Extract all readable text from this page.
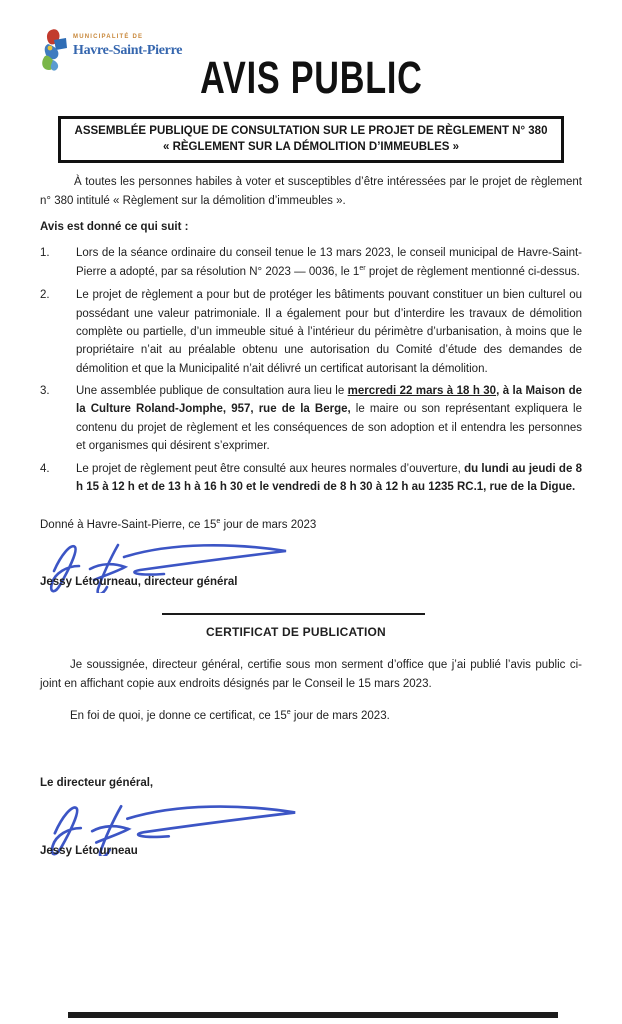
MUNICIPALITÉ DE
Havre-Saint-Pierre
AVIS PUBLIC
ASSEMBLÉE PUBLIQUE DE CONSULTATION SUR LE PROJET DE RÈGLEMENT N° 380
« RÈGLEMENT SUR LA DÉMOLITION D’IMMEUBLES »

À toutes les personnes habiles à voter et susceptibles d’être intéressées par le projet de règlement n° 380 intitulé « Règlement sur la démolition d’immeubles ».

Avis est donné ce qui suit :

1.	Lors de la séance ordinaire du conseil tenue le 13 mars 2023, le conseil municipal de Havre-Saint-Pierre a adopté, par sa résolution N° 2023 — 0036, le 1er projet de règlement mentionné ci-dessus.
2.	Le projet de règlement a pour but de protéger les bâtiments pouvant constituer un bien culturel ou possédant une valeur patrimoniale. Il a également pour but d’interdire les travaux de démolition complète ou partielle, d’un immeuble situé à l’intérieur du périmètre d’urbanisation, à moins que le propriétaire n’ait au préalable obtenu une autorisation du Comité d’étude des demandes de démolition et que la Municipalité n’ait délivré un certificat autorisant la démolition.
3.	Une assemblée publique de consultation aura lieu le mercredi 22 mars à 18 h 30, à la Maison de la Culture Roland-Jomphe, 957, rue de la Berge, le maire ou son représentant expliquera le contenu du projet de règlement et les conséquences de son adoption et il entendra les personnes et organismes qui désirent s’exprimer.
4.	Le projet de règlement peut être consulté aux heures normales d’ouverture, du lundi au jeudi de 8 h 15 à 12 h et de 13 h à 16 h 30 et le vendredi de 8 h 30 à 12 h au 1235 RC.1, rue de la Digue.

Donné à Havre-Saint-Pierre, ce 15e jour de mars 2023

Jessy Létourneau, directeur général

CERTIFICAT DE PUBLICATION

Je soussignée, directeur général, certifie sous mon serment d’office que j’ai publié l’avis public ci-joint en affichant copie aux endroits désignés par le Conseil le 15 mars 2023.

En foi de quoi, je donne ce certificat, ce 15e jour de mars 2023.

Le directeur général,

Jessy Létourneau
